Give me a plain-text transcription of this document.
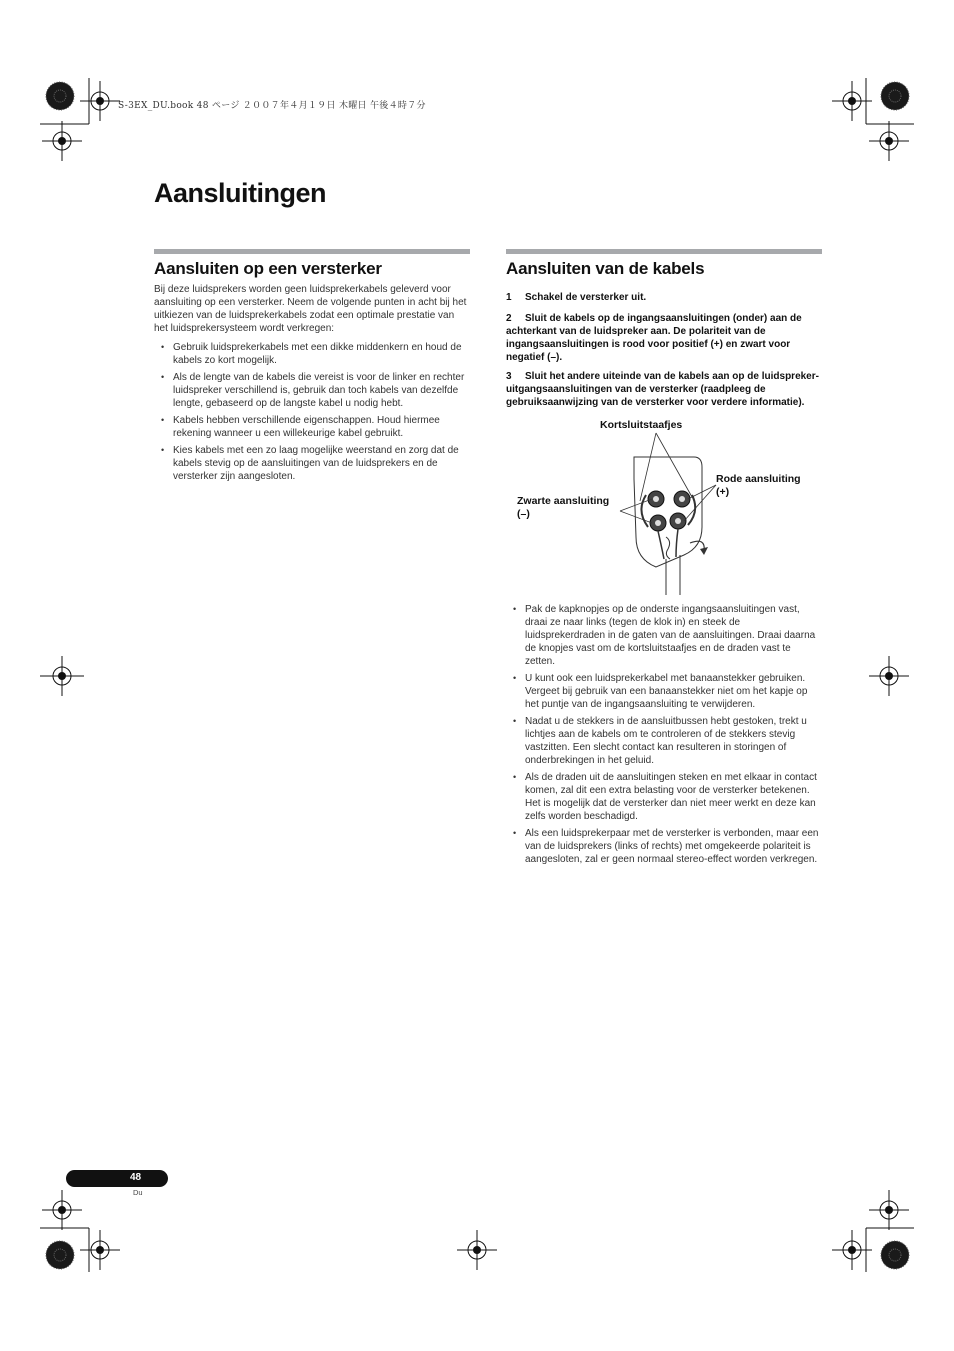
S-3EX_DU.book 48 ページ ２００７年４月１９日 木曜日 午後４時７分
Aansluitingen
Aansluiten op een versterker

Bij deze luidsprekers worden geen luidsprekerkabels geleverd voor aansluiting op een versterker. Neem de volgende punten in acht bij het uitkiezen van de luidsprekerkabels zodat een optimale prestatie van het luidsprekersysteem wordt verkregen:

• Gebruik luidsprekerkabels met een dikke middenkern en houd de kabels zo kort mogelijk.
• Als de lengte van de kabels die vereist is voor de linker en rechter luidspreker verschillend is, gebruik dan toch kabels van dezelfde lengte, gebaseerd op de langste kabel u nodig hebt.
• Kabels hebben verschillende eigenschappen. Houd hiermee rekening wanneer u een willekeurige kabel gebruikt.
• Kies kabels met een zo laag mogelijke weerstand en zorg dat de kabels stevig op de aansluitingen van de luidsprekers en de versterker zijn aangesloten.
Aansluiten van de kabels

1 Schakel de versterker uit.

2 Sluit de kabels op de ingangsaansluitingen (onder) aan de achterkant van de luidspreker aan. De polariteit van de ingangsaansluitingen is rood voor positief (+) en zwart voor negatief (–).

3 Sluit het andere uiteinde van de kabels aan op de luidspreker-uitgangsaansluitingen van de versterker (raadpleeg de gebruiksaanwijzing van de versterker voor verdere informatie).

Kortsluitstaafjes
Rode aansluiting
(+)
Zwarte aansluiting
(–)
• Pak de kapknopjes op de onderste ingangsaansluitingen vast, draai ze naar links (tegen de klok in) en steek de luidsprekerdraden in de gaten van de aansluitingen. Draai daarna de knopjes vast om de kortsluitstaafjes en de draden vast te zetten.
• U kunt ook een luidsprekerkabel met banaanstekker gebruiken. Vergeet bij gebruik van een banaanstekker niet om het kapje op het puntje van de ingangsaansluiting te verwijderen.
• Nadat u de stekkers in de aansluitbussen hebt gestoken, trekt u lichtjes aan de kabels om te controleren of de stekkers stevig vastzitten. Een slecht contact kan resulteren in storingen of onderbrekingen in het geluid.
• Als de draden uit de aansluitingen steken en met elkaar in contact komen, zal dit een extra belasting voor de versterker betekenen. Het is mogelijk dat de versterker dan niet meer werkt en deze kan zelfs worden beschadigd.
• Als een luidsprekerpaar met de versterker is verbonden, maar een van de luidsprekers (links of rechts) met omgekeerde polariteit is aangesloten, zal er geen normaal stereo-effect worden verkregen.
48
Du
